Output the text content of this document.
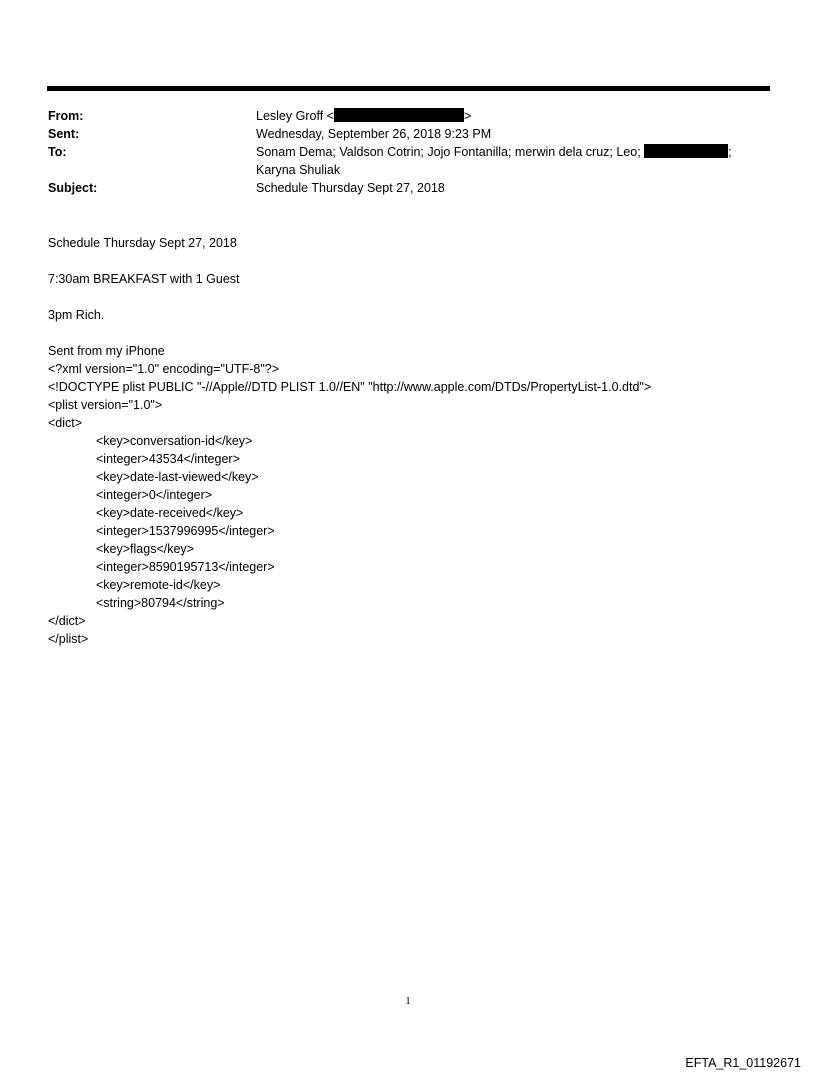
From:	Lesley Groff <	>
Sent:	Wednesday, September 26, 2018 9:23 PM
To:	Sonam Dema; Valdson Cotrin; Jojo Fontanilla; merwin dela cruz; Leo;	;
Karyna Shuliak
Subject:	Schedule Thursday Sept 27, 2018

Schedule Thursday Sept 27, 2018

7:30am BREAKFAST with 1 Guest

3pm Rich.

Sent from my iPhone

<?xml version="1.0" encoding="UTF-8"?>

<!DOCTYPE plist PUBLIC "-//Apple//DTD PLIST 1.0//EN" "http://www.apple.com/DTDs/PropertyList-1.0.dtd">

<plist version="1.0">

<dict>

<key>conversation-id</key>

<integer>43534</integer>

<key>date-last-viewed</key>

<integer>0</integer>

<key>date-received</key>

<integer>1537996995</integer>

<key>flags</key>

<integer>8590195713</integer>

<key>remote-id</key>

<string>80794</string>

</dict>

</plist>

1
EFTA_R1_01192671
